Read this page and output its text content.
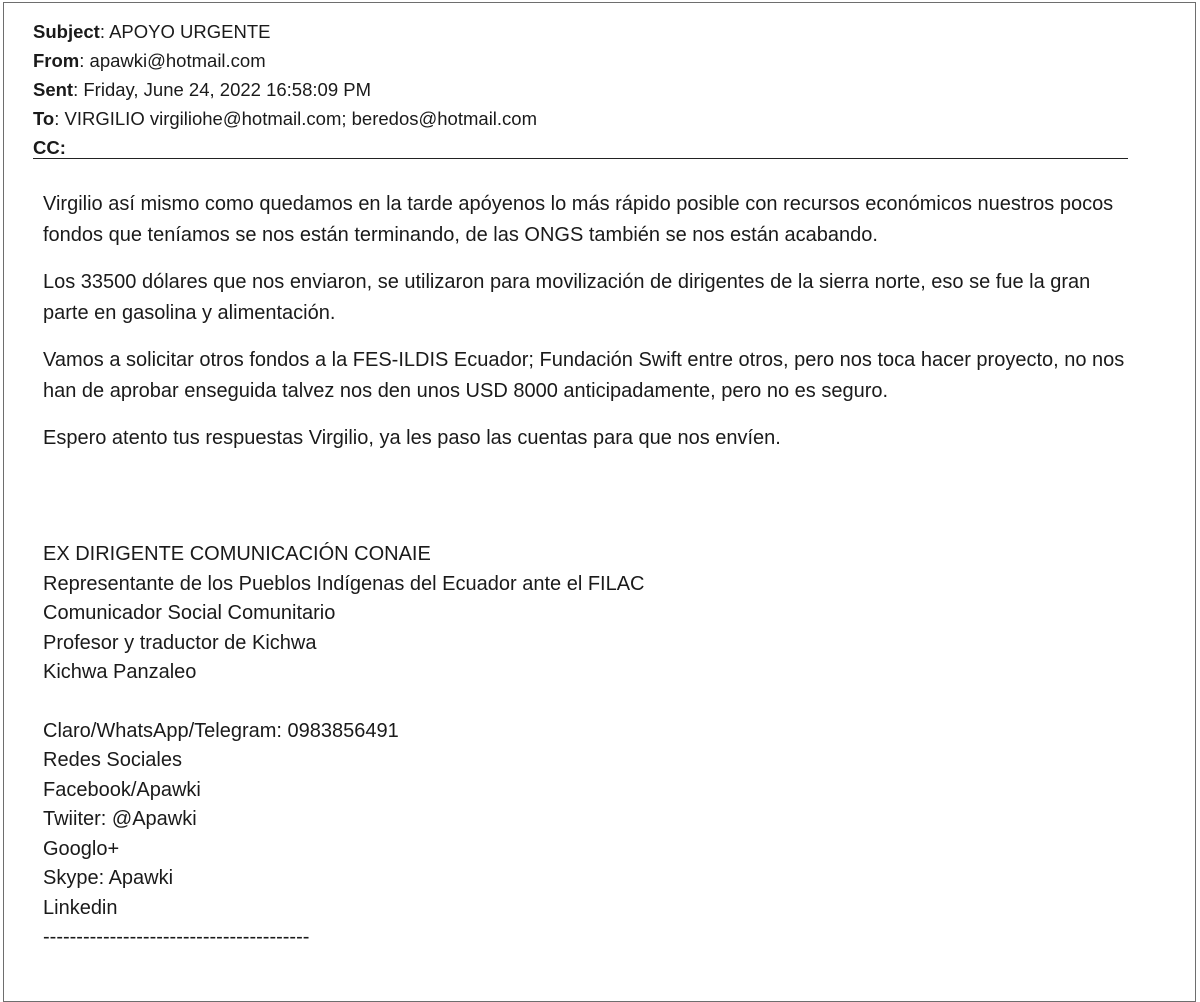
Subject: APOYO URGENTE
From: apawki@hotmail.com
Sent: Friday, June 24, 2022 16:58:09 PM
To: VIRGILIO virgiliohe@hotmail.com; beredos@hotmail.com
CC:

Virgilio así mismo como quedamos en la tarde apóyenos lo más rápido posible con recursos económicos nuestros pocos fondos que teníamos se nos están terminando, de las ONGS también se nos están acabando.

Los 33500 dólares que nos enviaron, se utilizaron para movilización de dirigentes de la sierra norte, eso se fue la gran parte en gasolina y alimentación.

Vamos a solicitar otros fondos a la FES-ILDIS Ecuador; Fundación Swift entre otros, pero nos toca hacer proyecto, no nos han de aprobar enseguida talvez nos den unos USD 8000 anticipadamente, pero no es seguro.

Espero atento tus respuestas Virgilio, ya les paso las cuentas para que nos envíen.

EX DIRIGENTE COMUNICACIÓN CONAIE
Representante de los Pueblos Indígenas del Ecuador ante el FILAC
Comunicador Social Comunitario
Profesor y traductor de Kichwa
Kichwa Panzaleo
Claro/WhatsApp/Telegram: 0983856491
Redes Sociales
Facebook/Apawki
Twiiter: @Apawki
Googlo+
Skype: Apawki
Linkedin
----------------------------------------
